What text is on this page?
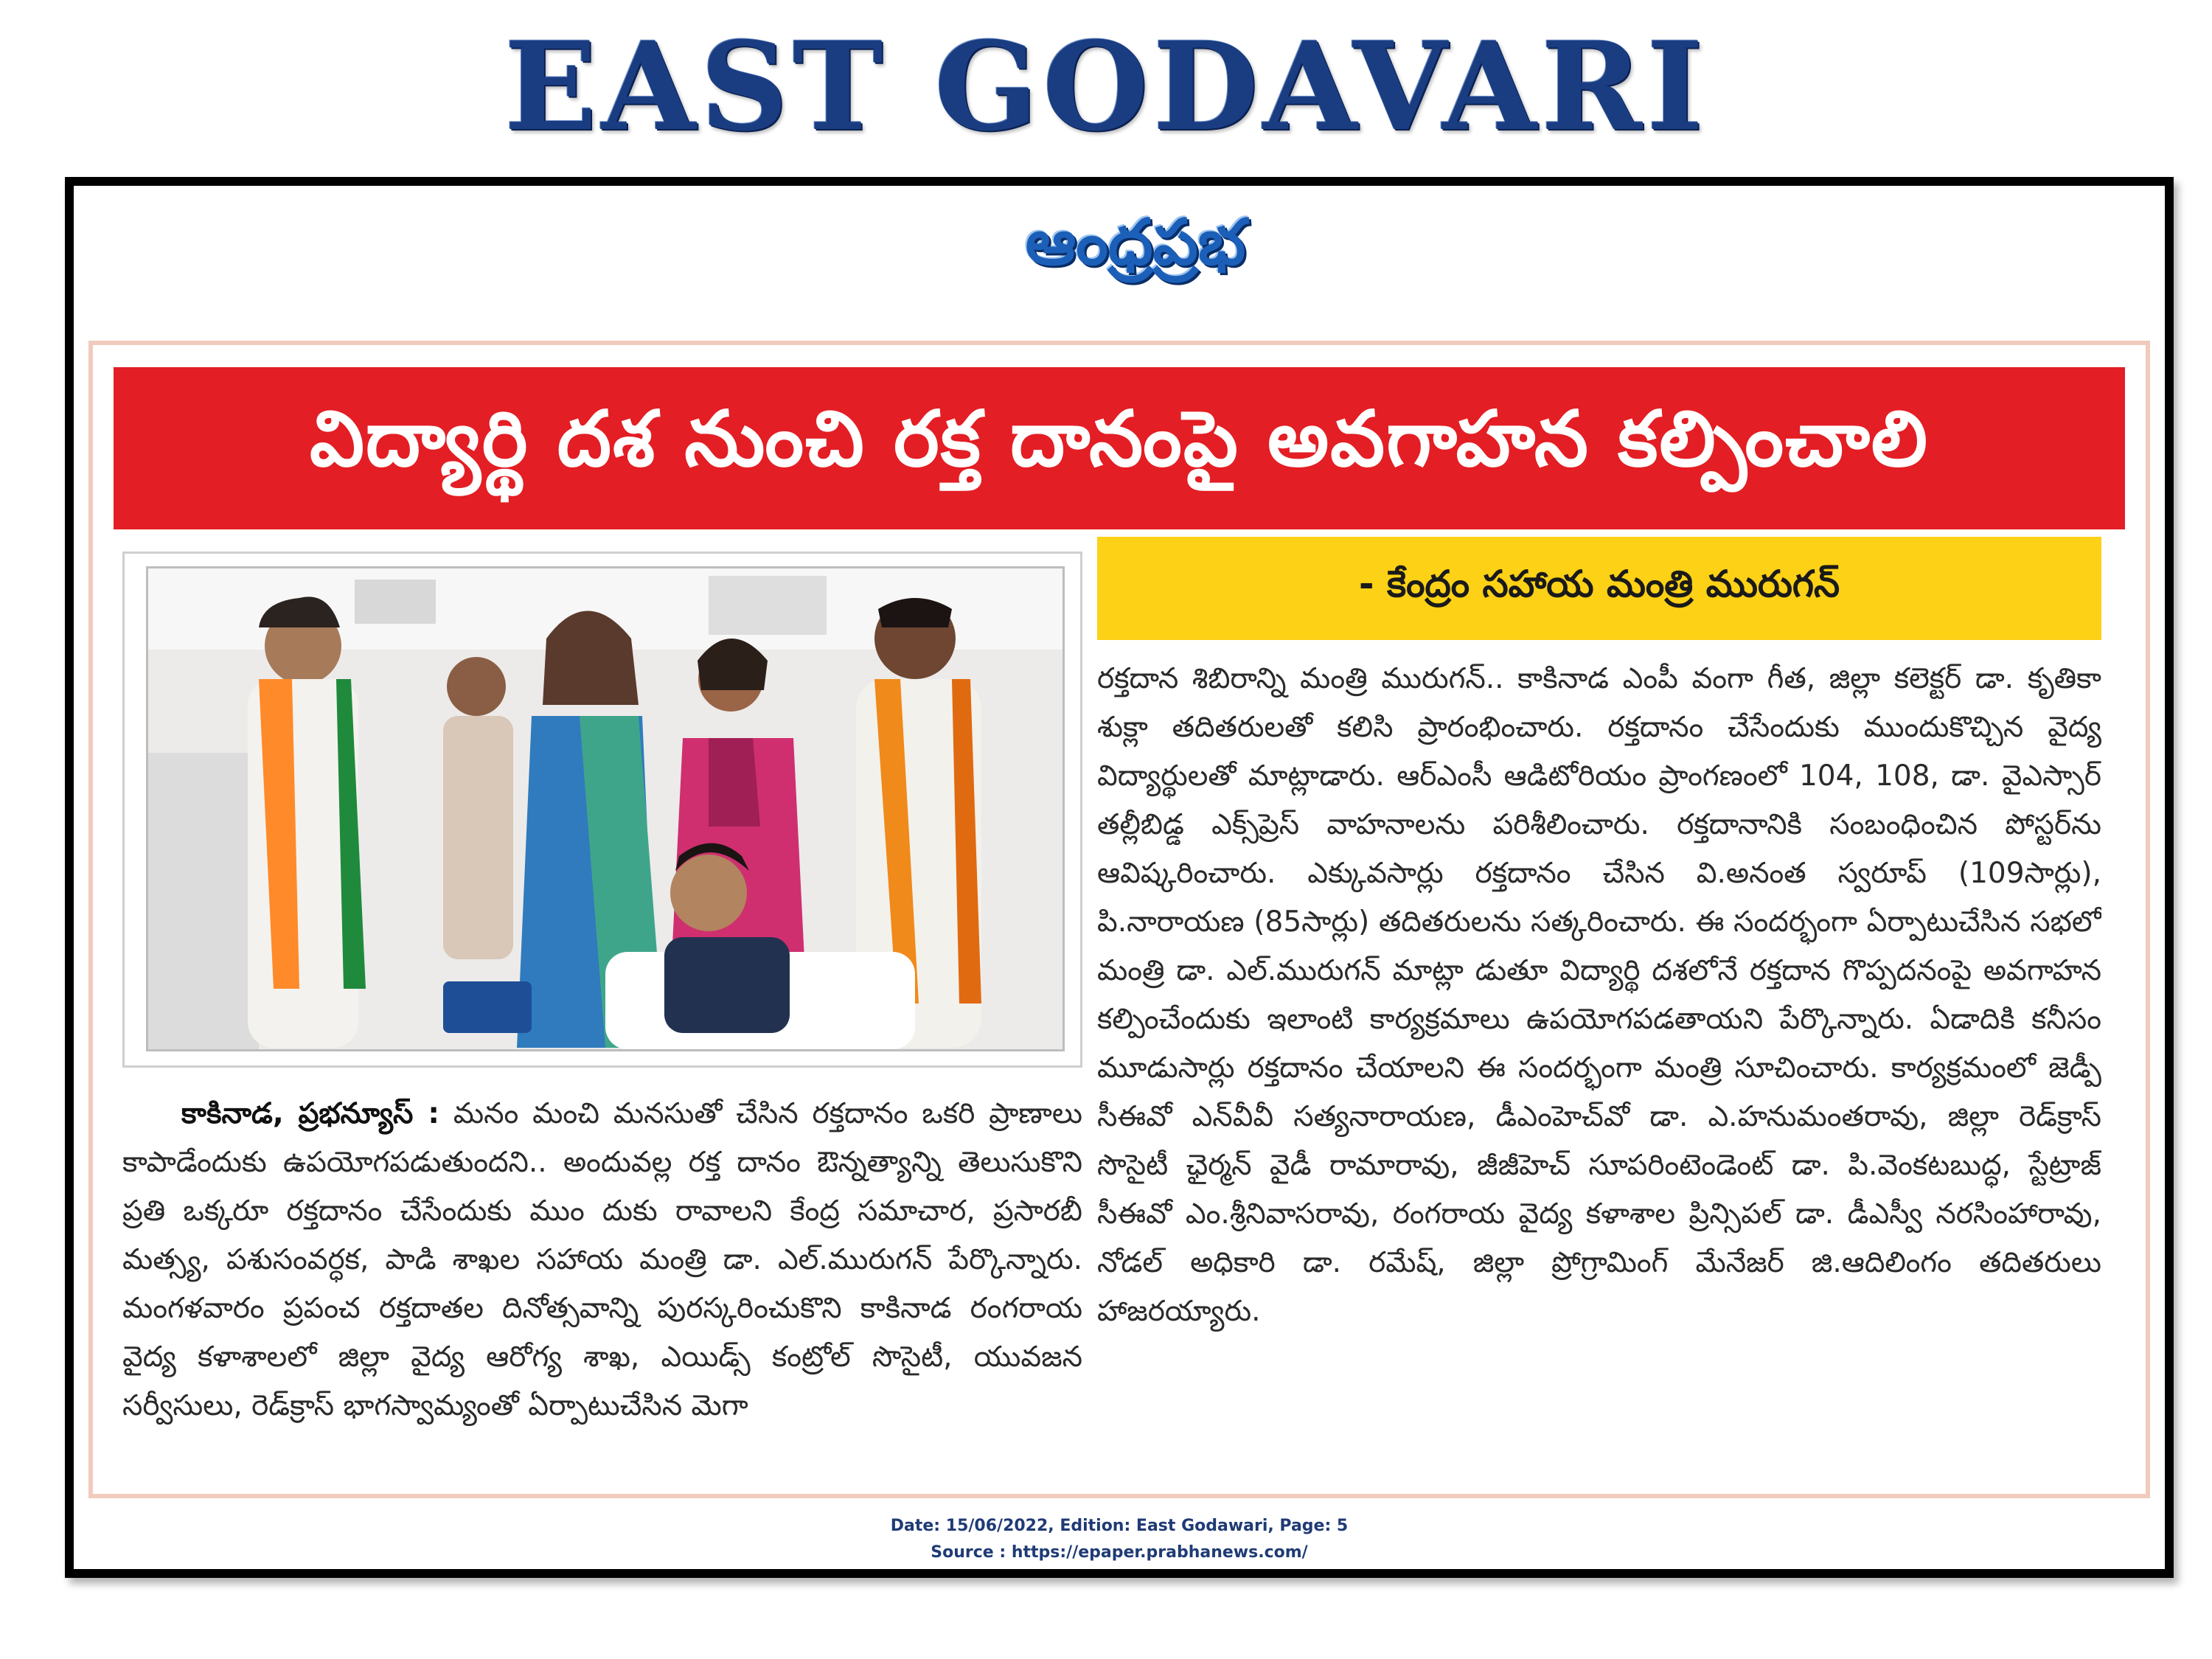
EAST GODAVARI
ఆంధ్రప్రభ
విద్యార్థి దశ నుంచి రక్త దానంపై అవగాహన కల్పించాలి
- కేంద్రం సహాయ మంత్రి మురుగన్
రక్తదాన శిబిరాన్ని మంత్రి మురుగన్.. కాకినాడ ఎంపీ వంగా గీత, జిల్లా కలెక్టర్ డా. కృతికా శుక్లా తదితరులతో కలిసి ప్రారంభించారు. రక్తదానం చేసేందుకు ముందుకొచ్చిన వైద్య విద్యార్థులతో మాట్లాడారు. ఆర్ఎంసీ ఆడిటోరియం ప్రాంగణంలో 104, 108, డా. వైఎస్సార్ తల్లీబిడ్డ ఎక్స్‌ప్రెస్ వాహనాలను పరిశీలించారు. రక్తదానానికి సంబంధించిన పోస్టర్‌ను ఆవిష్కరించారు. ఎక్కువసార్లు రక్తదానం చేసిన వి.అనంత స్వరూప్ (109సార్లు), పి.నారాయణ (85సార్లు) తదితరులను సత్కరించారు. ఈ సందర్భంగా ఏర్పాటుచేసిన సభలో మంత్రి డా. ఎల్.మురుగన్ మాట్లా డుతూ విద్యార్థి దశలోనే రక్తదాన గొప్పదనంపై అవగాహన కల్పించేందుకు ఇలాంటి కార్యక్రమాలు ఉపయోగపడతాయని పేర్కొన్నారు. ఏడాదికి కనీసం మూడుసార్లు రక్తదానం చేయాలని ఈ సందర్భంగా మంత్రి సూచించారు. కార్యక్రమంలో జెడ్పీ సీఈవో ఎన్‌వీవీ సత్యనారాయణ, డీఎంహెచ్‌వో డా. ఎ.హనుమంతరావు, జిల్లా రెడ్‌క్రాస్ సొసైటీ ఛైర్మన్ వైడీ రామారావు, జీజీహెచ్ సూపరింటెండెంట్ డా. పి.వెంకటబుద్ధ, స్టేట్రాజ్ సీఈవో ఎం.శ్రీనివాసరావు, రంగరాయ వైద్య కళాశాల ప్రిన్సిపల్ డా. డీఎస్వీ నరసింహారావు, నోడల్ అధికారి డా. రమేష్, జిల్లా ప్రోగ్రామింగ్ మేనేజర్ జి.ఆదిలింగం తదితరులు హాజరయ్యారు.
కాకినాడ, ప్రభన్యూస్ : మనం మంచి మనసుతో చేసిన రక్తదానం ఒకరి ప్రాణాలు కాపాడేందుకు ఉపయోగపడుతుందని.. అందువల్ల రక్త దానం ఔన్నత్యాన్ని తెలుసుకొని ప్రతి ఒక్కరూ రక్తదానం చేసేందుకు ముం దుకు రావాలని కేంద్ర సమాచార, ప్రసారబీ మత్స్య, పశుసంవర్ధక, పాడి శాఖల సహాయ మంత్రి డా. ఎల్.మురుగన్ పేర్కొన్నారు. మంగళవారం ప్రపంచ రక్తదాతల దినోత్సవాన్ని పురస్కరించుకొని కాకినాడ రంగరాయ వైద్య కళాశాలలో జిల్లా వైద్య ఆరోగ్య శాఖ, ఎయిడ్స్ కంట్రోల్ సొసైటీ, యువజన సర్వీసులు, రెడ్‌క్రాస్ భాగస్వామ్యంతో ఏర్పాటుచేసిన మెగా
Date: 15/06/2022, Edition: East Godawari, Page: 5
Source : https://epaper.prabhanews.com/
